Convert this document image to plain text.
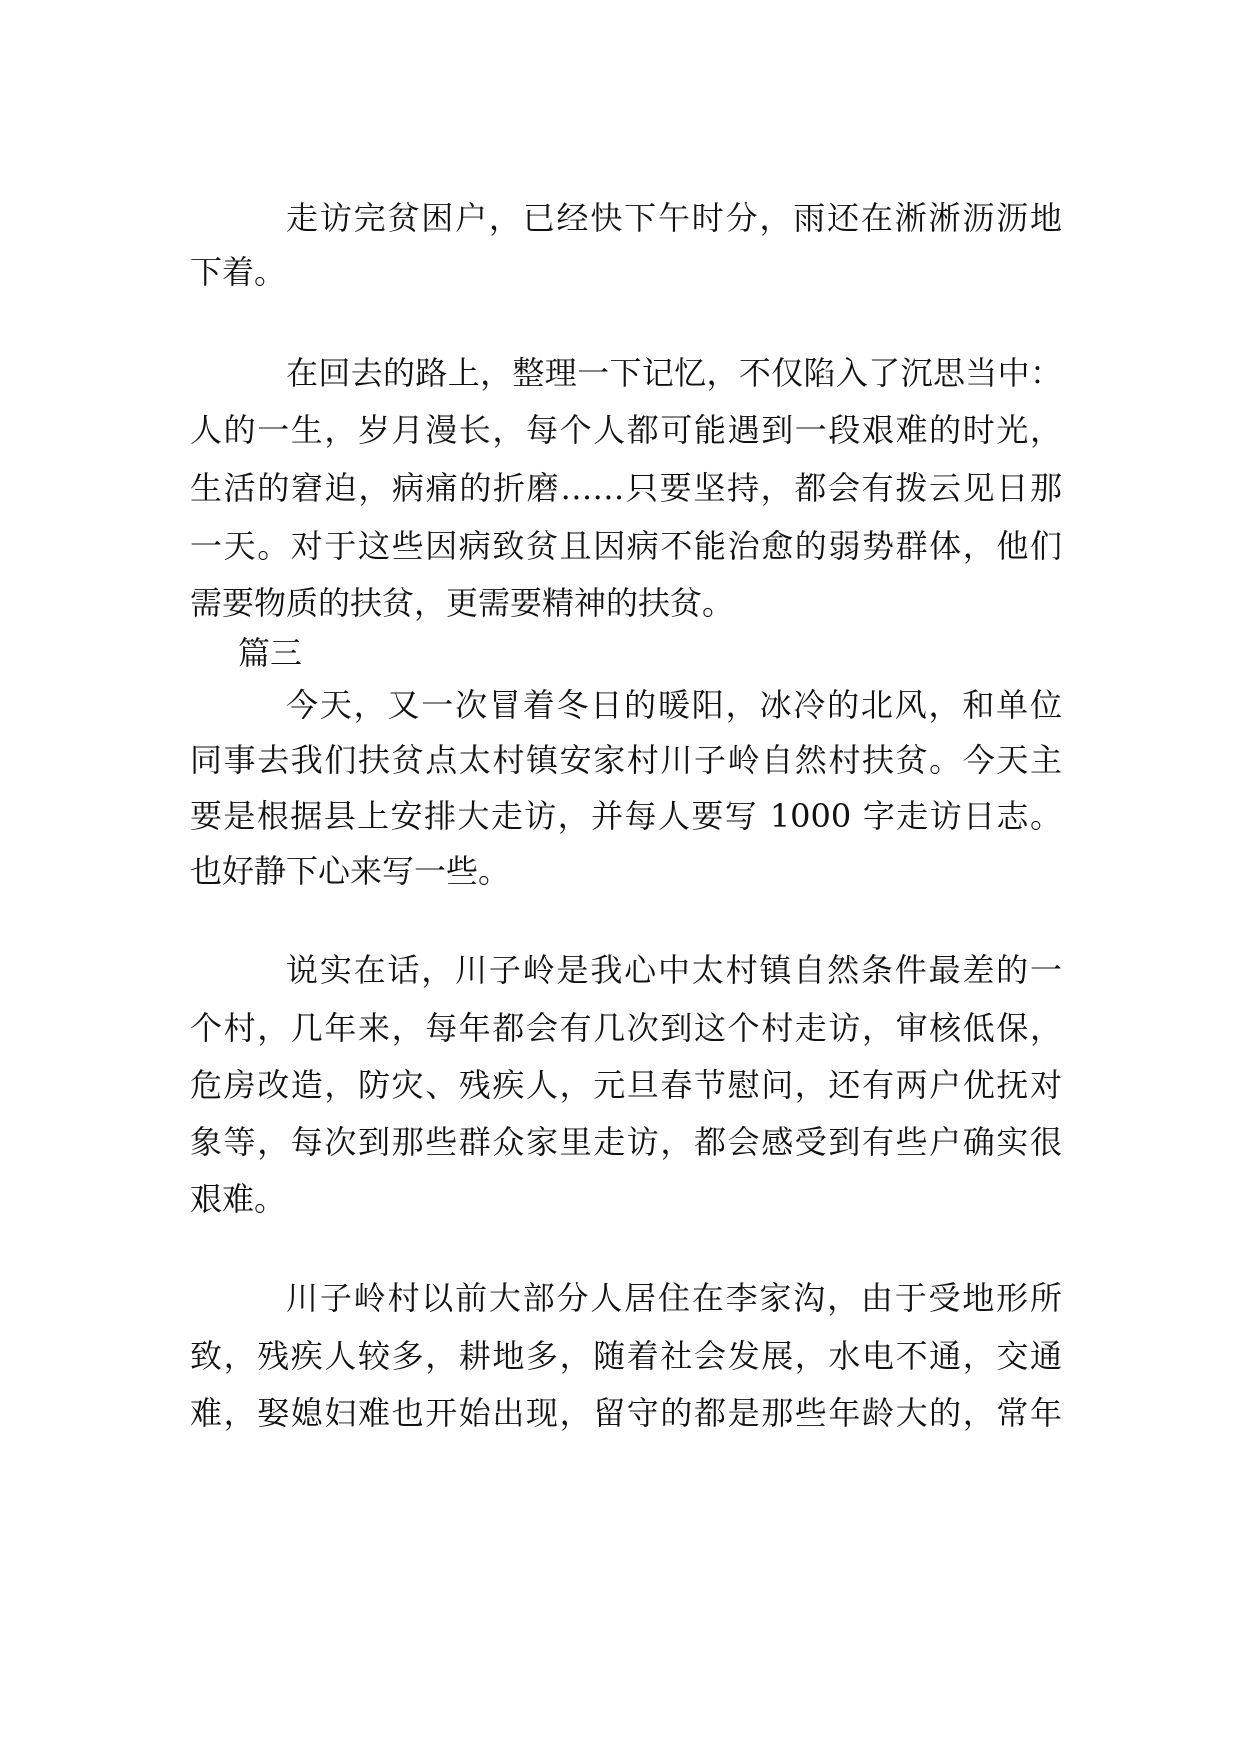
走访完贫困户，已经快下午时分，雨还在淅淅沥沥地
下着。
在回去的路上，整理一下记忆，不仅陷入了沉思当中：
人的一生，岁月漫长，每个人都可能遇到一段艰难的时光，
生活的窘迫，病痛的折磨……只要坚持，都会有拨云见日那
一天。对于这些因病致贫且因病不能治愈的弱势群体，他们
需要物质的扶贫，更需要精神的扶贫。
篇三
今天，又一次冒着冬日的暖阳，冰冷的北风，和单位
同事去我们扶贫点太村镇安家村川子岭自然村扶贫。今天主
要是根据县上安排大走访，并每人要写 1000 字走访日志。
也好静下心来写一些。
说实在话，川子岭是我心中太村镇自然条件最差的一
个村，几年来，每年都会有几次到这个村走访，审核低保，
危房改造，防灾、残疾人，元旦春节慰问，还有两户优抚对
象等，每次到那些群众家里走访，都会感受到有些户确实很
艰难。
川子岭村以前大部分人居住在李家沟，由于受地形所
致，残疾人较多，耕地多，随着社会发展，水电不通，交通
难，娶媳妇难也开始出现，留守的都是那些年龄大的，常年
